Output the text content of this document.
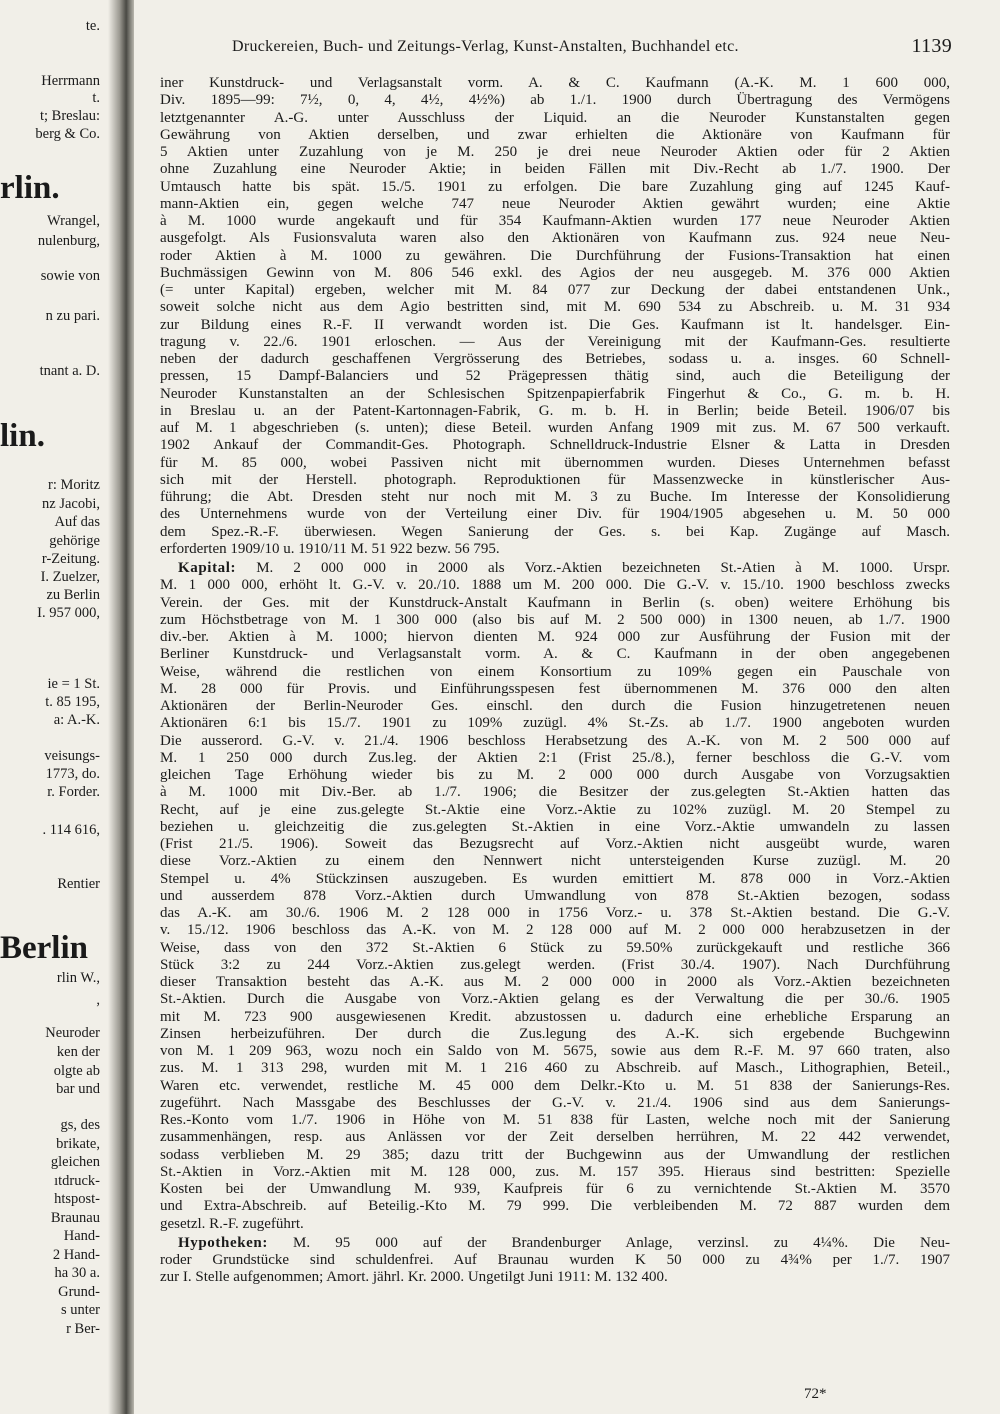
te.
Herrmann
t.
t; Breslau:
berg & Co.
rlin.
Wrangel,
nulenburg,
sowie von
n zu pari.
tnant a. D.
lin.
r: Moritz
nz Jacobi,
Auf das
gehörige
r-Zeitung.
I. Zuelzer,
zu Berlin
I. 957 000,
ie = 1 St.
t. 85 195,
a: A.-K.
veisungs-
1773, do.
r. Forder.
. 114 616,
Rentier
Berlin
rlin W.,
,
Neuroder
ken der
olgte ab
bar und
gs, des
brikate,
gleichen
ıtdruck-
htspost-
Braunau
Hand-
2 Hand-
ha 30 a.
Grund-
s unter
r Ber-
Druckereien, Buch- und Zeitungs-Verlag, Kunst-Anstalten, Buchhandel etc.	1139
iner Kunstdruck- und Verlagsanstalt vorm. A. & C. Kaufmann (A.-K. M. 1 600 000,
Div. 1895—99: 7½, 0, 4, 4½, 4½%) ab 1./1. 1900 durch Übertragung des Vermögens
letztgenannter A.-G. unter Ausschluss der Liquid. an die Neuroder Kunstanstalten gegen
Gewährung von Aktien derselben, und zwar erhielten die Aktionäre von Kaufmann für
5 Aktien unter Zuzahlung von je M. 250 je drei neue Neuroder Aktien oder für 2 Aktien
ohne Zuzahlung eine Neuroder Aktie; in beiden Fällen mit Div.-Recht ab 1./7. 1900. Der
Umtausch hatte bis spät. 15./5. 1901 zu erfolgen. Die bare Zuzahlung ging auf 1245 Kauf-
mann-Aktien ein, gegen welche 747 neue Neuroder Aktien gewährt wurden; eine Aktie
à M. 1000 wurde angekauft und für 354 Kaufmann-Aktien wurden 177 neue Neuroder Aktien
ausgefolgt. Als Fusionsvaluta waren also den Aktionären von Kaufmann zus. 924 neue Neu-
roder Aktien à M. 1000 zu gewähren. Die Durchführung der Fusions-Transaktion hat einen
Buchmässigen Gewinn von M. 806 546 exkl. des Agios der neu ausgegeb. M. 376 000 Aktien
(= unter Kapital) ergeben, welcher mit M. 84 077 zur Deckung der dabei entstandenen Unk.,
soweit solche nicht aus dem Agio bestritten sind, mit M. 690 534 zu Abschreib. u. M. 31 934
zur Bildung eines R.-F. II verwandt worden ist. Die Ges. Kaufmann ist lt. handelsger. Ein-
tragung v. 22./6. 1901 erloschen. — Aus der Vereinigung mit der Kaufmann-Ges. resultierte
neben der dadurch geschaffenen Vergrösserung des Betriebes, sodass u. a. insges. 60 Schnell-
pressen, 15 Dampf-Balanciers und 52 Prägepressen thätig sind, auch die Beteiligung der
Neuroder Kunstanstalten an der Schlesischen Spitzenpapierfabrik Fingerhut & Co., G. m. b. H.
in Breslau u. an der Patent-Kartonnagen-Fabrik, G. m. b. H. in Berlin; beide Beteil. 1906/07 bis
auf M. 1 abgeschrieben (s. unten); diese Beteil. wurden Anfang 1909 mit zus. M. 67 500 verkauft.
1902 Ankauf der Commandit-Ges. Photograph. Schnelldruck-Industrie Elsner & Latta in Dresden
für M. 85 000, wobei Passiven nicht mit übernommen wurden. Dieses Unternehmen befasst
sich mit der Herstell. photograph. Reproduktionen für Massenzwecke in künstlerischer Aus-
führung; die Abt. Dresden steht nur noch mit M. 3 zu Buche. Im Interesse der Konsolidierung
des Unternehmens wurde von der Verteilung einer Div. für 1904/1905 abgesehen u. M. 50 000
dem Spez.-R.-F. überwiesen. Wegen Sanierung der Ges. s. bei Kap. Zugänge auf Masch.
erforderten 1909/10 u. 1910/11 M. 51 922 bezw. 56 795.
Kapital: M. 2 000 000 in 2000 als Vorz.-Aktien bezeichneten St.-Atien à M. 1000. Urspr.
M. 1 000 000, erhöht lt. G.-V. v. 20./10. 1888 um M. 200 000. Die G.-V. v. 15./10. 1900 beschloss zwecks
Verein. der Ges. mit der Kunstdruck-Anstalt Kaufmann in Berlin (s. oben) weitere Erhöhung bis
zum Höchstbetrage von M. 1 300 000 (also bis auf M. 2 500 000) in 1300 neuen, ab 1./7. 1900
div.-ber. Aktien à M. 1000; hiervon dienten M. 924 000 zur Ausführung der Fusion mit der
Berliner Kunstdruck- und Verlagsanstalt vorm. A. & C. Kaufmann in der oben angegebenen
Weise, während die restlichen von einem Konsortium zu 109% gegen ein Pauschale von
M. 28 000 für Provis. und Einführungsspesen fest übernommenen M. 376 000 den alten
Aktionären der Berlin-Neuroder Ges. einschl. den durch die Fusion hinzugetretenen neuen
Aktionären 6:1 bis 15./7. 1901 zu 109% zuzügl. 4% St.-Zs. ab 1./7. 1900 angeboten wurden
Die ausserord. G.-V. v. 21./4. 1906 beschloss Herabsetzung des A.-K. von M. 2 500 000 auf
M. 1 250 000 durch Zus.leg. der Aktien 2:1 (Frist 25./8.), ferner beschloss die G.-V. vom
gleichen Tage Erhöhung wieder bis zu M. 2 000 000 durch Ausgabe von Vorzugsaktien
à M. 1000 mit Div.-Ber. ab 1./7. 1906; die Besitzer der zus.gelegten St.-Aktien hatten das
Recht, auf je eine zus.gelegte St.-Aktie eine Vorz.-Aktie zu 102% zuzügl. M. 20 Stempel zu
beziehen u. gleichzeitig die zus.gelegten St.-Aktien in eine Vorz.-Aktie umwandeln zu lassen
(Frist 21./5. 1906). Soweit das Bezugsrecht auf Vorz.-Aktien nicht ausgeübt wurde, waren
diese Vorz.-Aktien zu einem den Nennwert nicht untersteigenden Kurse zuzügl. M. 20
Stempel u. 4% Stückzinsen auszugeben. Es wurden emittiert M. 878 000 in Vorz.-Aktien
und ausserdem 878 Vorz.-Aktien durch Umwandlung von 878 St.-Aktien bezogen, sodass
das A.-K. am 30./6. 1906 M. 2 128 000 in 1756 Vorz.- u. 378 St.-Aktien bestand. Die G.-V.
v. 15./12. 1906 beschloss das A.-K. von M. 2 128 000 auf M. 2 000 000 herabzusetzen in der
Weise, dass von den 372 St.-Aktien 6 Stück zu 59.50% zurückgekauft und restliche 366
Stück 3:2 zu 244 Vorz.-Aktien zus.gelegt werden. (Frist 30./4. 1907). Nach Durchführung
dieser Transaktion besteht das A.-K. aus M. 2 000 000 in 2000 als Vorz.-Aktien bezeichneten
St.-Aktien. Durch die Ausgabe von Vorz.-Aktien gelang es der Verwaltung die per 30./6. 1905
mit M. 723 900 ausgewiesenen Kredit. abzustossen u. dadurch eine erhebliche Ersparung an
Zinsen herbeizuführen. Der durch die Zus.legung des A.-K. sich ergebende Buchgewinn
von M. 1 209 963, wozu noch ein Saldo von M. 5675, sowie aus dem R.-F. M. 97 660 traten, also
zus. M. 1 313 298, wurden mit M. 1 216 460 zu Abschreib. auf Masch., Lithographien, Beteil.,
Waren etc. verwendet, restliche M. 45 000 dem Delkr.-Kto u. M. 51 838 der Sanierungs-Res.
zugeführt. Nach Massgabe des Beschlusses der G.-V. v. 21./4. 1906 sind aus dem Sanierungs-
Res.-Konto vom 1./7. 1906 in Höhe von M. 51 838 für Lasten, welche noch mit der Sanierung
zusammenhängen, resp. aus Anlässen vor der Zeit derselben herrühren, M. 22 442 verwendet,
sodass verblieben M. 29 385; dazu tritt der Buchgewinn aus der Umwandlung der restlichen
St.-Aktien in Vorz.-Aktien mit M. 128 000, zus. M. 157 395. Hieraus sind bestritten: Spezielle
Kosten bei der Umwandlung M. 939, Kaufpreis für 6 zu vernichtende St.-Aktien M. 3570
und Extra-Abschreib. auf Beteilig.-Kto M. 79 999. Die verbleibenden M. 72 887 wurden dem
gesetzl. R.-F. zugeführt.
Hypotheken: M. 95 000 auf der Brandenburger Anlage, verzinsl. zu 4¼%. Die Neu-
roder Grundstücke sind schuldenfrei. Auf Braunau wurden K 50 000 zu 4¾% per 1./7. 1907
zur I. Stelle aufgenommen; Amort. jährl. Kr. 2000. Ungetilgt Juni 1911: M. 132 400.
72*
